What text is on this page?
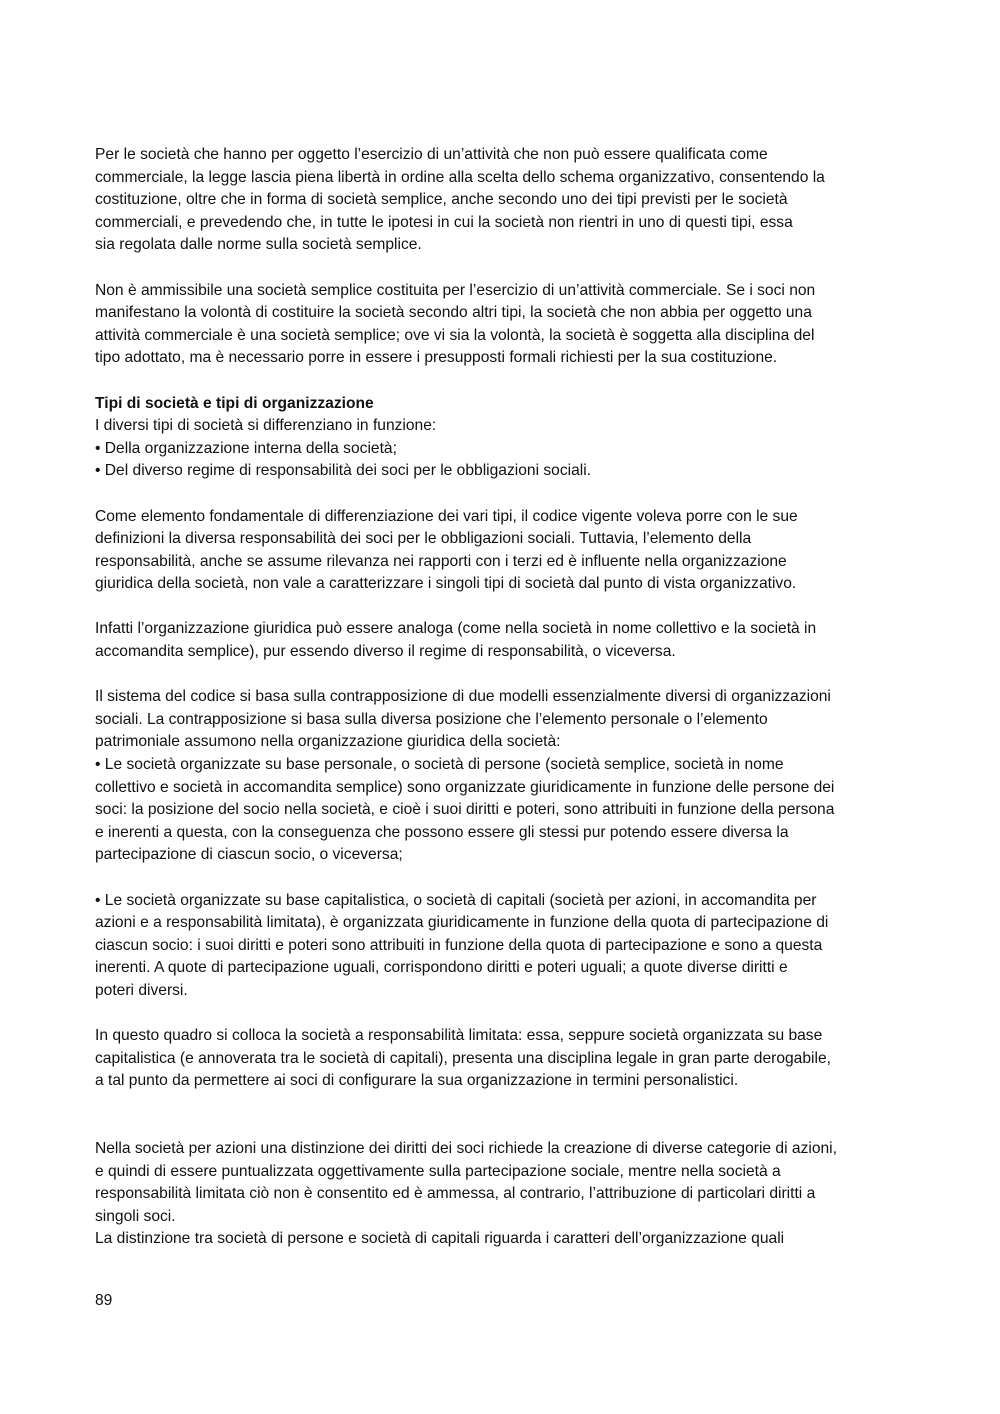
Per le società che hanno per oggetto l’esercizio di un’attività che non può essere qualificata come
commerciale, la legge lascia piena libertà in ordine alla scelta dello schema organizzativo, consentendo la
costituzione, oltre che in forma di società semplice, anche secondo uno dei tipi previsti per le società
commerciali, e prevedendo che, in tutte le ipotesi in cui la società non rientri in uno di questi tipi, essa
sia regolata dalle norme sulla società semplice.

Non è ammissibile una società semplice costituita per l’esercizio di un’attività commerciale. Se i soci non
manifestano la volontà di costituire la società secondo altri tipi, la società che non abbia per oggetto una
attività commerciale è una società semplice; ove vi sia la volontà, la società è soggetta alla disciplina del
tipo adottato, ma è necessario porre in essere i presupposti formali richiesti per la sua costituzione.

Tipi di società e tipi di organizzazione

I diversi tipi di società si differenziano in funzione:
• Della organizzazione interna della società;
• Del diverso regime di responsabilità dei soci per le obbligazioni sociali.

Come elemento fondamentale di differenziazione dei vari tipi, il codice vigente voleva porre con le sue
definizioni la diversa responsabilità dei soci per le obbligazioni sociali. Tuttavia, l’elemento della
responsabilità, anche se assume rilevanza nei rapporti con i terzi ed è influente nella organizzazione
giuridica della società, non vale a caratterizzare i singoli tipi di società dal punto di vista organizzativo.

Infatti l’organizzazione giuridica può essere analoga (come nella società in nome collettivo e la società in
accomandita semplice), pur essendo diverso il regime di responsabilità, o viceversa.

Il sistema del codice si basa sulla contrapposizione di due modelli essenzialmente diversi di organizzazioni
sociali. La contrapposizione si basa sulla diversa posizione che l’elemento personale o l’elemento
patrimoniale assumono nella organizzazione giuridica della società:
• Le società organizzate su base personale, o società di persone (società semplice, società in nome
collettivo e società in accomandita semplice) sono organizzate giuridicamente in funzione delle persone dei
soci: la posizione del socio nella società, e cioè i suoi diritti e poteri, sono attribuiti in funzione della persona
e inerenti a questa, con la conseguenza che possono essere gli stessi pur potendo essere diversa la
partecipazione di ciascun socio, o viceversa;

• Le società organizzate su base capitalistica, o società di capitali (società per azioni, in accomandita per
azioni e a responsabilità limitata), è organizzata giuridicamente in funzione della quota di partecipazione di
ciascun socio: i suoi diritti e poteri sono attribuiti in funzione della quota di partecipazione e sono a questa
inerenti. A quote di partecipazione uguali, corrispondono diritti e poteri uguali; a quote diverse diritti e
poteri diversi.

In questo quadro si colloca la società a responsabilità limitata: essa, seppure società organizzata su base
capitalistica (e annoverata tra le società di capitali), presenta una disciplina legale in gran parte derogabile,
a tal punto da permettere ai soci di configurare la sua organizzazione in termini personalistici.

Nella società per azioni una distinzione dei diritti dei soci richiede la creazione di diverse categorie di azioni,
e quindi di essere puntualizzata oggettivamente sulla partecipazione sociale, mentre nella società a
responsabilità limitata ciò non è consentito ed è ammessa, al contrario, l’attribuzione di particolari diritti a
singoli soci.
La distinzione tra società di persone e società di capitali riguarda i caratteri dell’organizzazione quali

89
